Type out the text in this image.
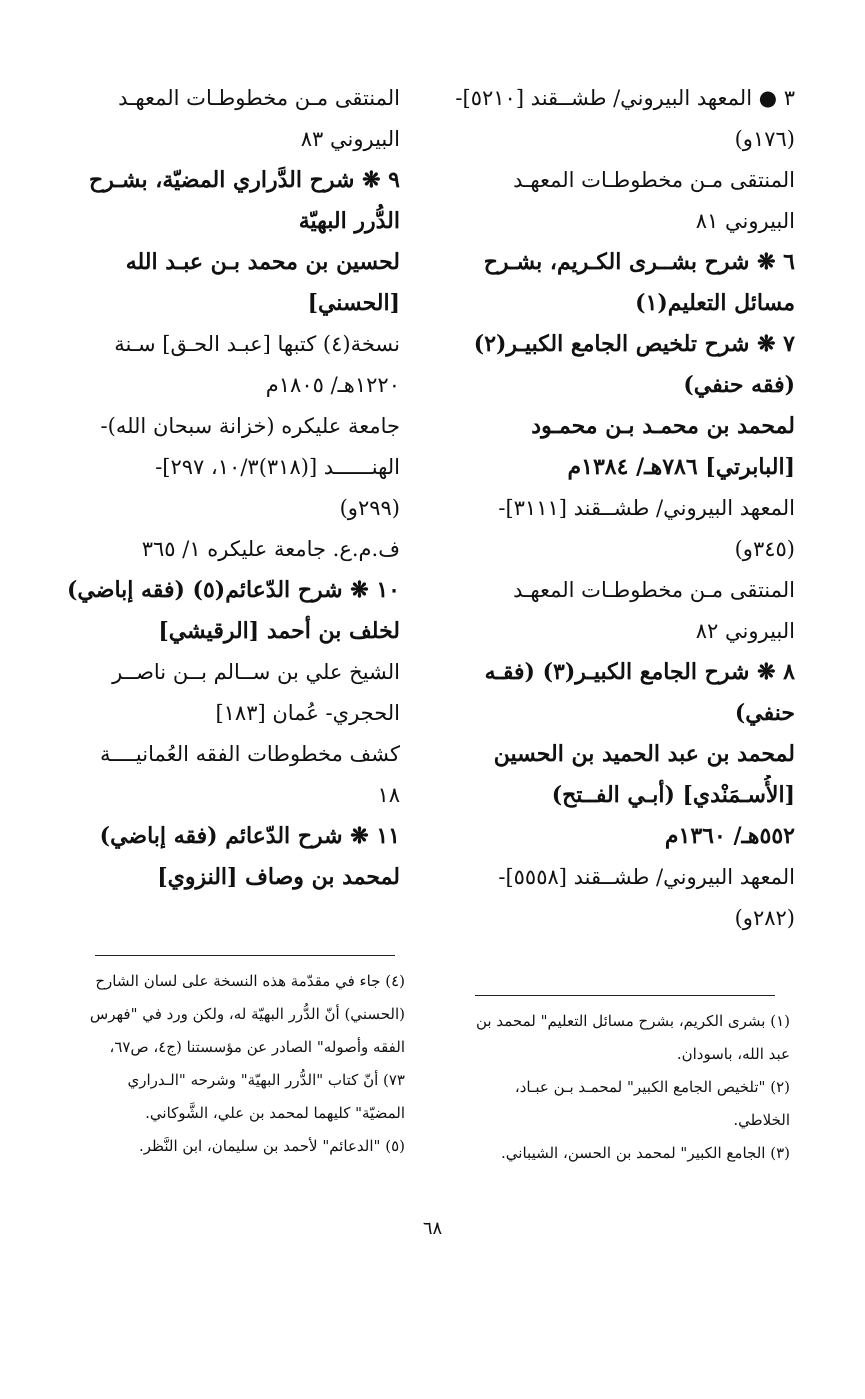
٣ ● المعهد البيروني/ طشــقند [٥٢١٠]-
(١٧٦و)
المنتقى مـن مخطوطـات المعهـد
البيروني ٨١
٦ ❋ شرح بشــرى الكـريم، بشـرح
مسائل التعليم(١)
٧ ❋ شرح تلخيص الجامع الكبيـر(٢)
(فقه حنفي)
لمحمد بن محمـد بـن محمـود
[البابرتي] ٧٨٦هـ/ ١٣٨٤م
المعهد البيروني/ طشــقند [٣١١١]-
(٣٤٥و)
المنتقى مـن مخطوطـات المعهـد
البيروني ٨٢
٨ ❋ شرح الجامع الكبيـر(٣) (فقـه
حنفي)
لمحمد بن عبد الحميد بن الحسين
[الأُسـمَنْدي] (أبـي الفــتح)
٥٥٢هـ/ ١٣٦٠م
المعهد البيروني/ طشــقند [٥٥٥٨]-
(٢٨٢و)
المنتقى مـن مخطوطـات المعهـد
البيروني ٨٣
٩ ❋ شرح الدَّراري المضيّة، بشـرح
الدُّرر البهيّة
لحسين بن محمد بـن عبـد الله
[الحسني]
نسخة(٤) كتبها [عبـد الحـق] سـنة
١٢٢٠هـ/ ١٨٠٥م
جامعة عليكره (خزانة سبحان الله)-
الهنــــــد [(٣١٨)١٠/٣، ٢٩٧]-
(٢٩٩و)
ف.م.ع. جامعة عليكره ١/ ٣٦٥
١٠ ❋ شرح الدّعائم(٥) (فقه إباضي)
لخلف بن أحمد [الرقيشي]
الشيخ علي بن ســالم بــن ناصــر
الحجري- عُمان [١٨٣]
كشف مخطوطات الفقه العُمانيــــة
١٨
١١ ❋ شرح الدّعائم (فقه إباضي)
لمحمد بن وصاف [النزوي]
(٤) جاء في مقدّمة هذه النسخة على لسان الشارح
(الحسني) أنّ الدُّرر البهيّة له، ولكن ورد في "فهرس
الفقه وأصوله" الصادر عن مؤسستنا (ج٤، ص٦٧،
٧٣) أنّ كتاب "الدُّرر البهيّة" وشرحه "الـدراري
المضيّة" كليهما لمحمد بن علي، الشَّوكاني.
(٥) "الدعائم" لأحمد بن سليمان، ابن النَّظر.
(١) بشرى الكريم، بشرح مسائل التعليم" لمحمد بن
عبد الله، باسودان.
(٢) "تلخيص الجامع الكبير" لمحمـد بـن عبـاد،
الخلاطي.
(٣) الجامع الكبير" لمحمد بن الحسن، الشيباني.
٦٨
